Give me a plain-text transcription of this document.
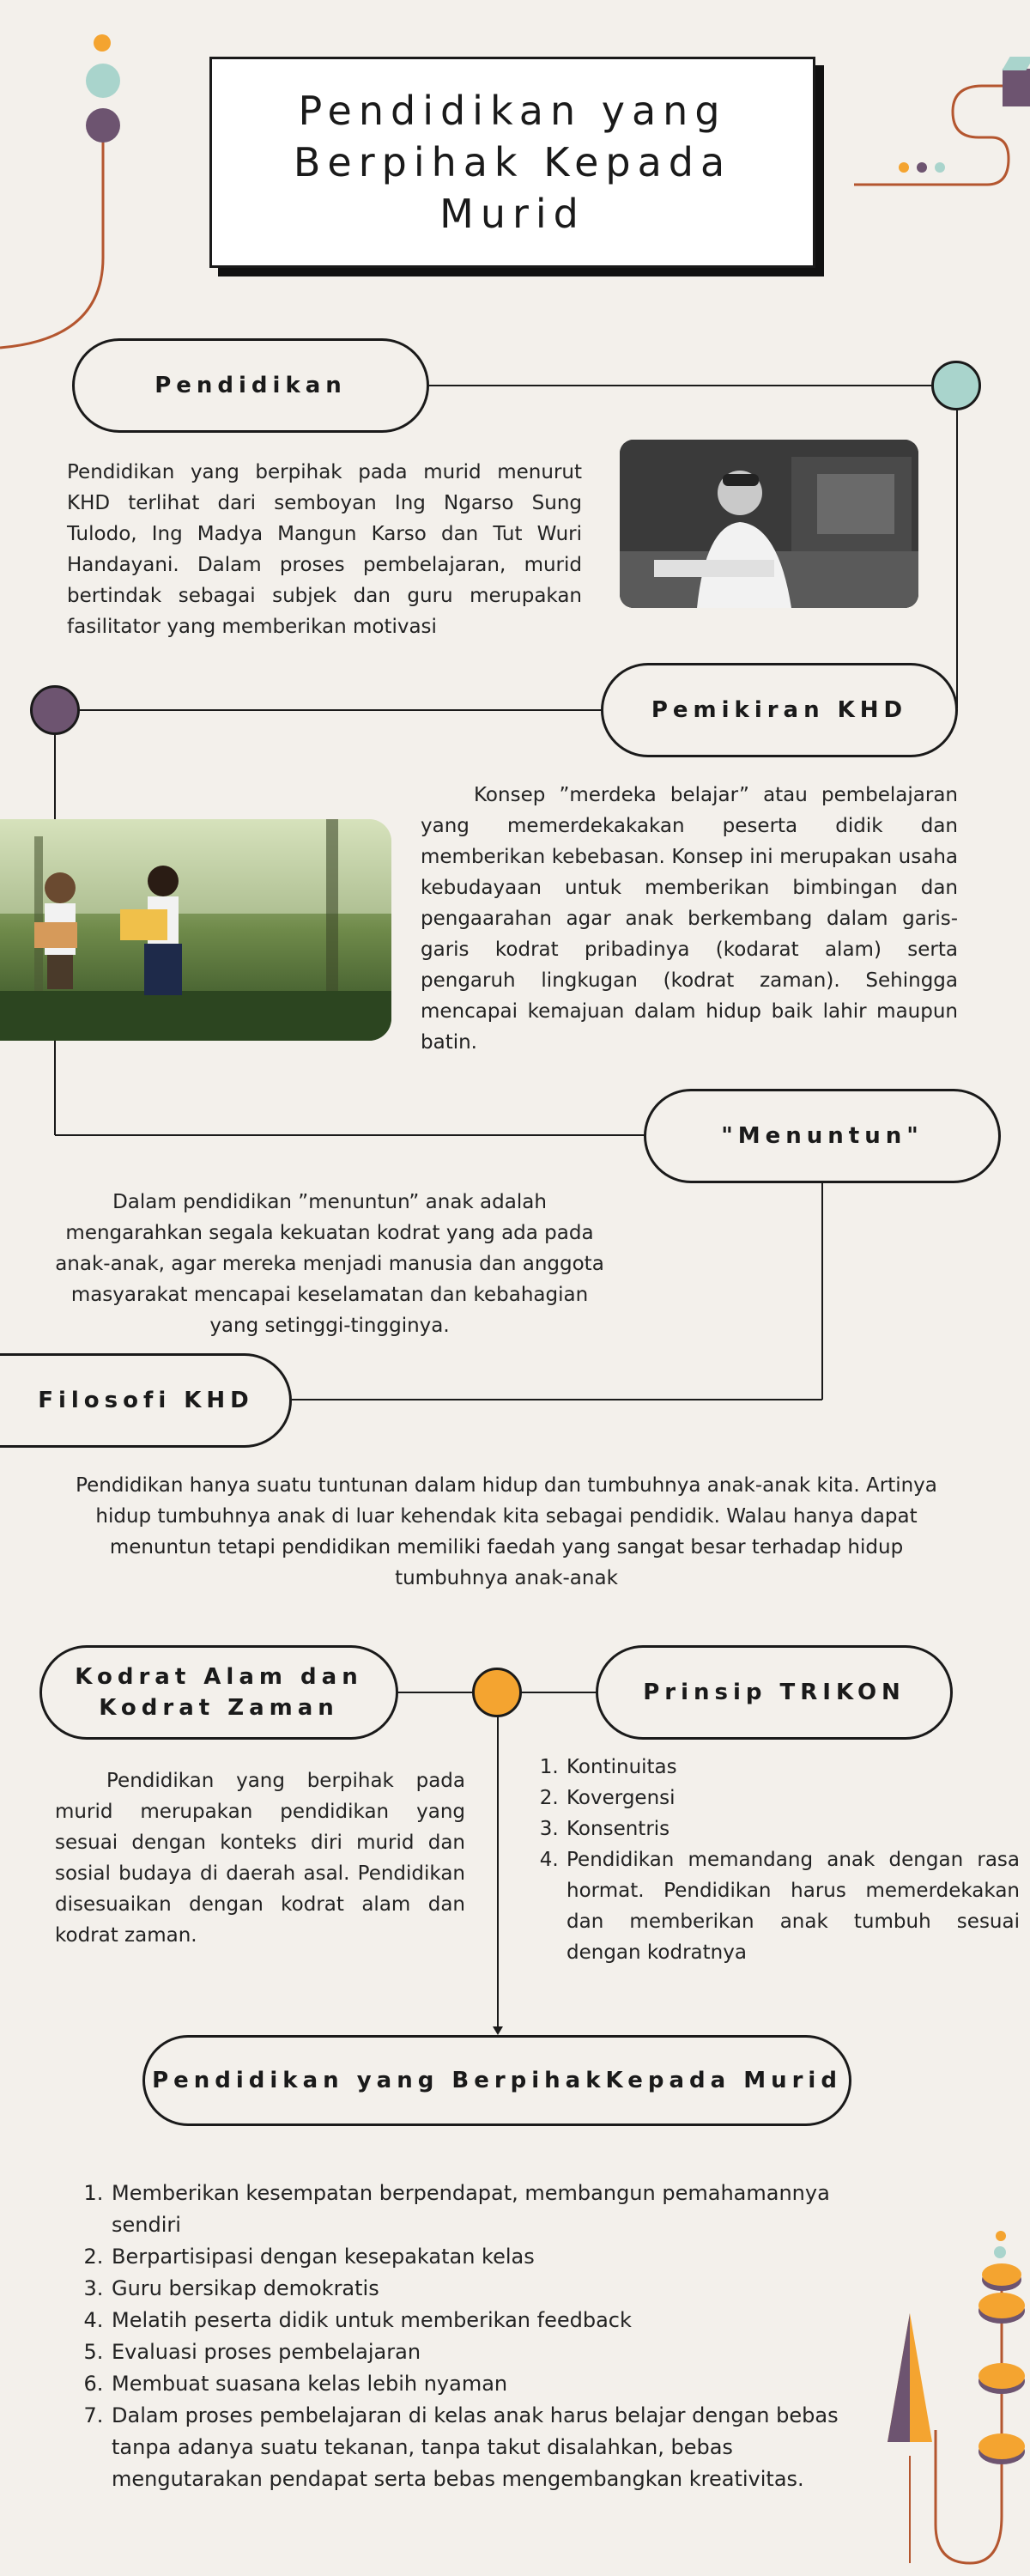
Pendidikan yang
Berpihak Kepada
Murid
Pendidikan
Pendidikan yang berpihak pada murid menurut KHD terlihat dari semboyan Ing Ngarso Sung Tulodo, Ing Madya Mangun Karso dan Tut Wuri Handayani. Dalam proses pembelajaran, murid bertindak sebagai subjek dan guru merupakan fasilitator yang memberikan motivasi
Pemikiran KHD
Konsep ”merdeka belajar” atau pembelajaran yang memerdekakakan peserta didik dan memberikan kebebasan. Konsep ini merupakan usaha kebudayaan untuk memberikan bimbingan dan pengaarahan agar anak berkembang dalam garis-garis kodrat pribadinya (kodarat alam) serta pengaruh lingkugan (kodrat zaman). Sehingga mencapai kemajuan dalam hidup baik lahir maupun batin.
"Menuntun"
Dalam pendidikan ”menuntun” anak adalah mengarahkan segala kekuatan kodrat yang ada pada anak-anak, agar mereka menjadi manusia dan anggota masyarakat mencapai keselamatan dan kebahagian yang setinggi-tingginya.
Filosofi KHD
Pendidikan hanya suatu tuntunan dalam hidup dan tumbuhnya anak-anak kita. Artinya hidup tumbuhnya anak di luar kehendak kita sebagai pendidik. Walau hanya dapat menuntun tetapi pendidikan memiliki faedah yang sangat besar terhadap hidup tumbuhnya anak-anak
Kodrat Alam dan
Kodrat Zaman
Prinsip TRIKON
Pendidikan yang berpihak pada murid merupakan pendidikan yang sesuai dengan konteks diri murid dan sosial budaya di daerah asal. Pendidikan disesuaikan dengan kodrat alam dan kodrat zaman.
1. Kontinuitas
2. Kovergensi
3. Konsentris
4. Pendidikan memandang anak dengan rasa hormat. Pendidikan harus memerdekakan dan memberikan anak tumbuh sesuai dengan kodratnya
Pendidikan yang BerpihakKepada Murid
1. Memberikan kesempatan berpendapat, membangun pemahamannya sendiri
2. Berpartisipasi dengan kesepakatan kelas
3. Guru bersikap demokratis
4. Melatih peserta didik untuk memberikan feedback
5. Evaluasi proses pembelajaran
6. Membuat suasana kelas lebih nyaman
7. Dalam proses pembelajaran di kelas anak harus belajar dengan bebas tanpa adanya suatu tekanan, tanpa takut disalahkan, bebas mengutarakan pendapat serta bebas mengembangkan kreativitas.
